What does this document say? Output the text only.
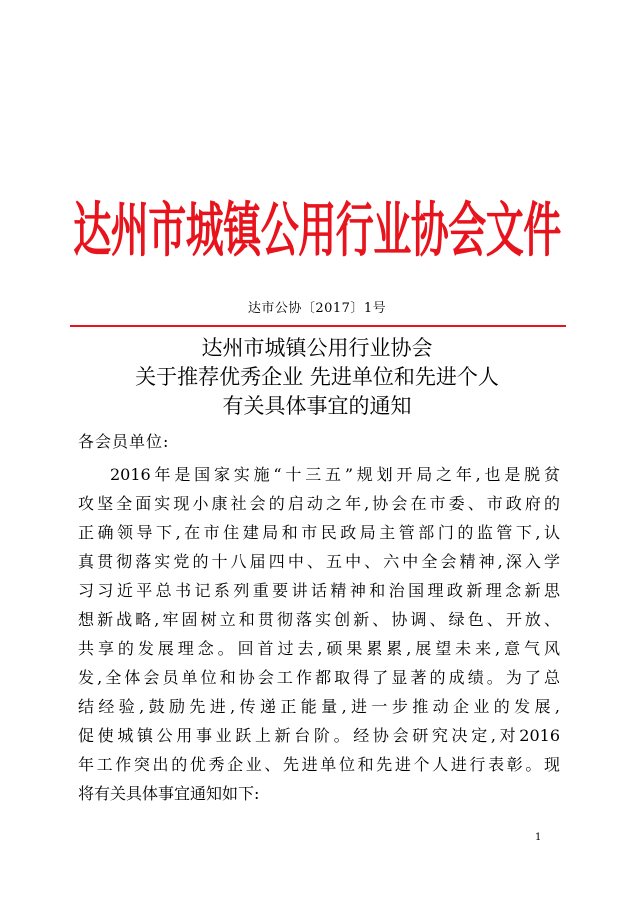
达州市城镇公用行业协会文件
达市公协〔2017〕1号
达州市城镇公用行业协会
关于推荐优秀企业 先进单位和先进个人
有关具体事宜的通知
各会员单位:
2016年是国家实施“十三五”规划开局之年,也是脱贫
攻坚全面实现小康社会的启动之年,协会在市委、市政府的
正确领导下,在市住建局和市民政局主管部门的监管下,认
真贯彻落实党的十八届四中、五中、六中全会精神,深入学
习习近平总书记系列重要讲话精神和治国理政新理念新思
想新战略,牢固树立和贯彻落实创新、协调、绿色、开放、
共享的发展理念。回首过去,硕果累累,展望未来,意气风
发,全体会员单位和协会工作都取得了显著的成绩。为了总
结经验,鼓励先进,传递正能量,进一步推动企业的发展,
促使城镇公用事业跃上新台阶。经协会研究决定,对2016
年工作突出的优秀企业、先进单位和先进个人进行表彰。现
将有关具体事宜通知如下:
1
